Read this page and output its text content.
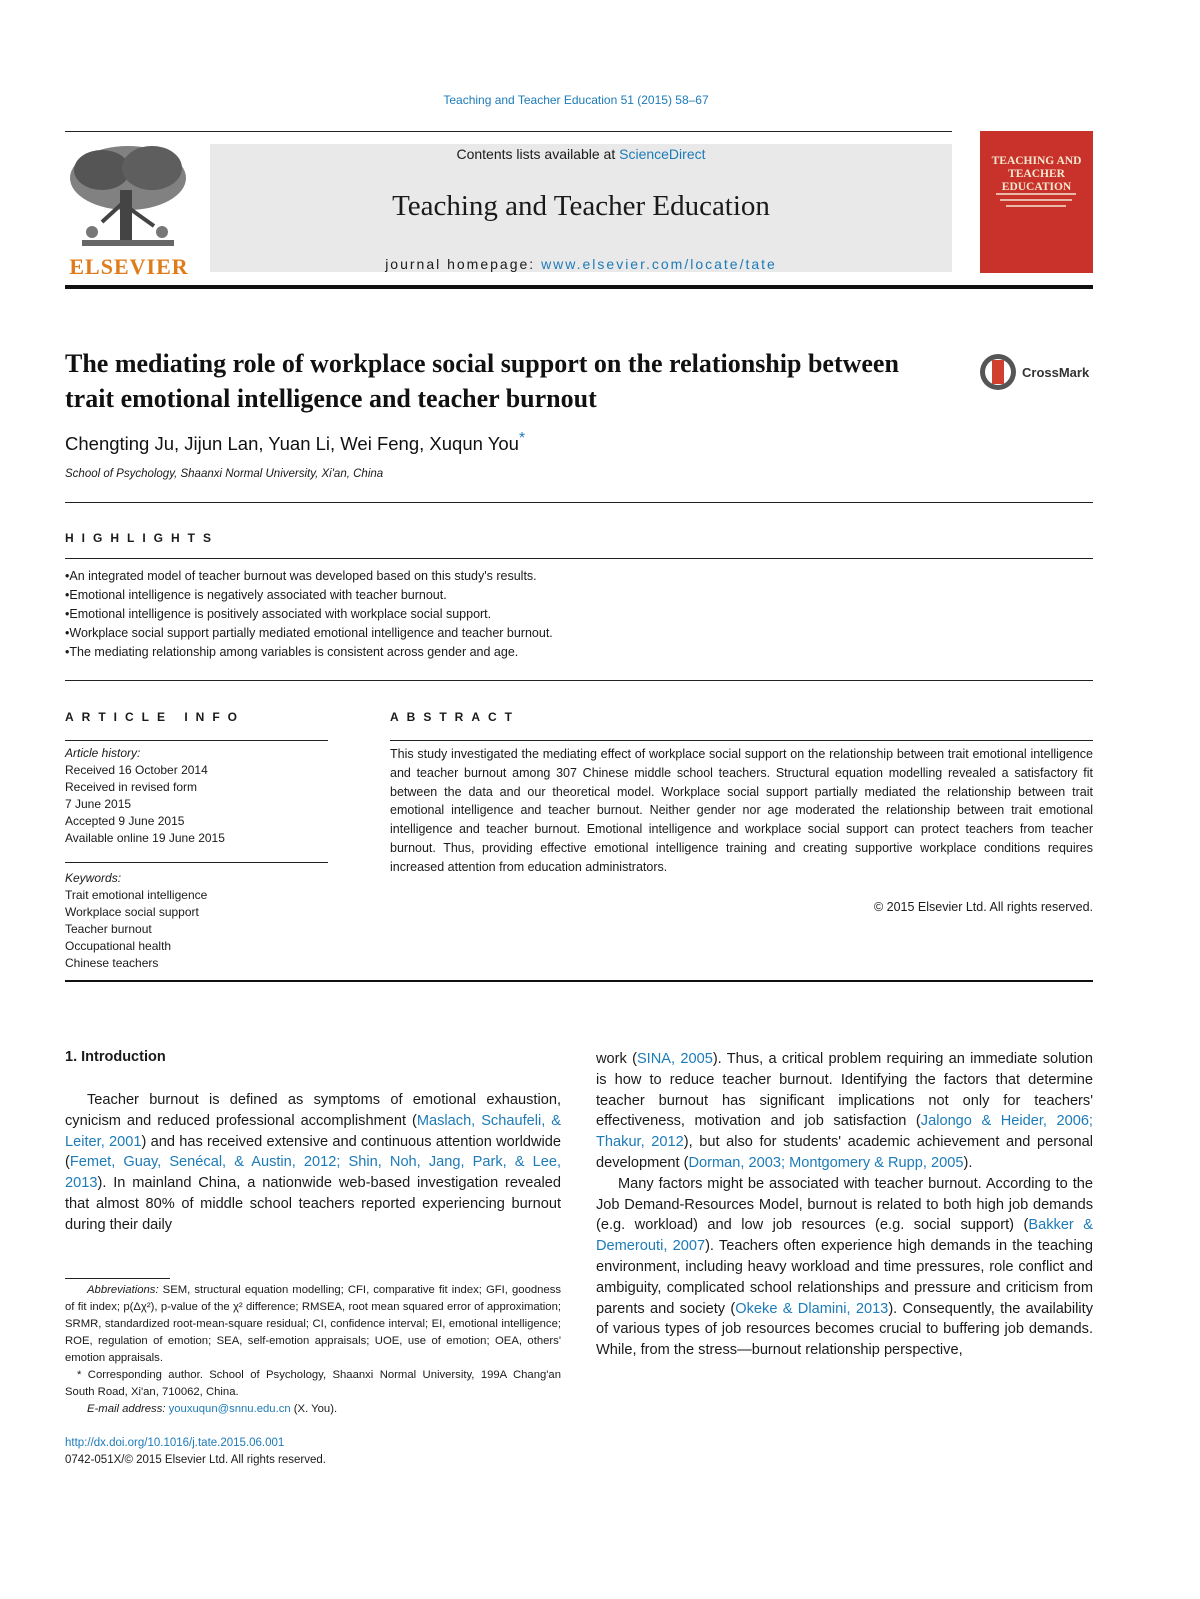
Teaching and Teacher Education 51 (2015) 58–67
ELSEVIER
Contents lists available at ScienceDirect
Teaching and Teacher Education
journal homepage: www.elsevier.com/locate/tate
TEACHING AND TEACHER EDUCATION
The mediating role of workplace social support on the relationship between trait emotional intelligence and teacher burnout
CrossMark
Chengting Ju, Jijun Lan, Yuan Li, Wei Feng, Xuqun You*
School of Psychology, Shaanxi Normal University, Xi'an, China
HIGHLIGHTS
• An integrated model of teacher burnout was developed based on this study's results.
• Emotional intelligence is negatively associated with teacher burnout.
• Emotional intelligence is positively associated with workplace social support.
• Workplace social support partially mediated emotional intelligence and teacher burnout.
• The mediating relationship among variables is consistent across gender and age.
ARTICLE INFO	ABSTRACT
Article history:
Received 16 October 2014
Received in revised form
7 June 2015
Accepted 9 June 2015
Available online 19 June 2015
Keywords:
Trait emotional intelligence
Workplace social support
Teacher burnout
Occupational health
Chinese teachers
This study investigated the mediating effect of workplace social support on the relationship between trait emotional intelligence and teacher burnout among 307 Chinese middle school teachers. Structural equation modelling revealed a satisfactory fit between the data and our theoretical model. Workplace social support partially mediated the relationship between trait emotional intelligence and teacher burnout. Neither gender nor age moderated the relationship between trait emotional intelligence and teacher burnout. Emotional intelligence and workplace social support can protect teachers from teacher burnout. Thus, providing effective emotional intelligence training and creating supportive workplace conditions requires increased attention from education administrators.
© 2015 Elsevier Ltd. All rights reserved.
1. Introduction
Teacher burnout is defined as symptoms of emotional exhaustion, cynicism and reduced professional accomplishment (Maslach, Schaufeli, & Leiter, 2001) and has received extensive and continuous attention worldwide (Femet, Guay, Senécal, & Austin, 2012; Shin, Noh, Jang, Park, & Lee, 2013). In mainland China, a nationwide web-based investigation revealed that almost 80% of middle school teachers reported experiencing burnout during their daily

work (SINA, 2005). Thus, a critical problem requiring an immediate solution is how to reduce teacher burnout. Identifying the factors that determine teacher burnout has significant implications not only for teachers' effectiveness, motivation and job satisfaction (Jalongo & Heider, 2006; Thakur, 2012), but also for students' academic achievement and personal development (Dorman, 2003; Montgomery & Rupp, 2005).

Many factors might be associated with teacher burnout. According to the Job Demand-Resources Model, burnout is related to both high job demands (e.g. workload) and low job resources (e.g. social support) (Bakker & Demerouti, 2007). Teachers often experience high demands in the teaching environment, including heavy workload and time pressures, role conflict and ambiguity, complicated school relationships and pressure and criticism from parents and society (Okeke & Dlamini, 2013). Consequently, the availability of various types of job resources becomes crucial to buffering job demands. While, from the stress—burnout relationship perspective,

Abbreviations: SEM, structural equation modelling; CFI, comparative fit index; GFI, goodness of fit index; p(Δχ²), p-value of the χ² difference; RMSEA, root mean squared error of approximation; SRMR, standardized root-mean-square residual; CI, confidence interval; EI, emotional intelligence; ROE, regulation of emotion; SEA, self-emotion appraisals; UOE, use of emotion; OEA, others' emotion appraisals.

* Corresponding author. School of Psychology, Shaanxi Normal University, 199A Chang'an South Road, Xi'an, 710062, China.

E-mail address: youxuqun@snnu.edu.cn (X. You).

http://dx.doi.org/10.1016/j.tate.2015.06.001
0742-051X/© 2015 Elsevier Ltd. All rights reserved.
